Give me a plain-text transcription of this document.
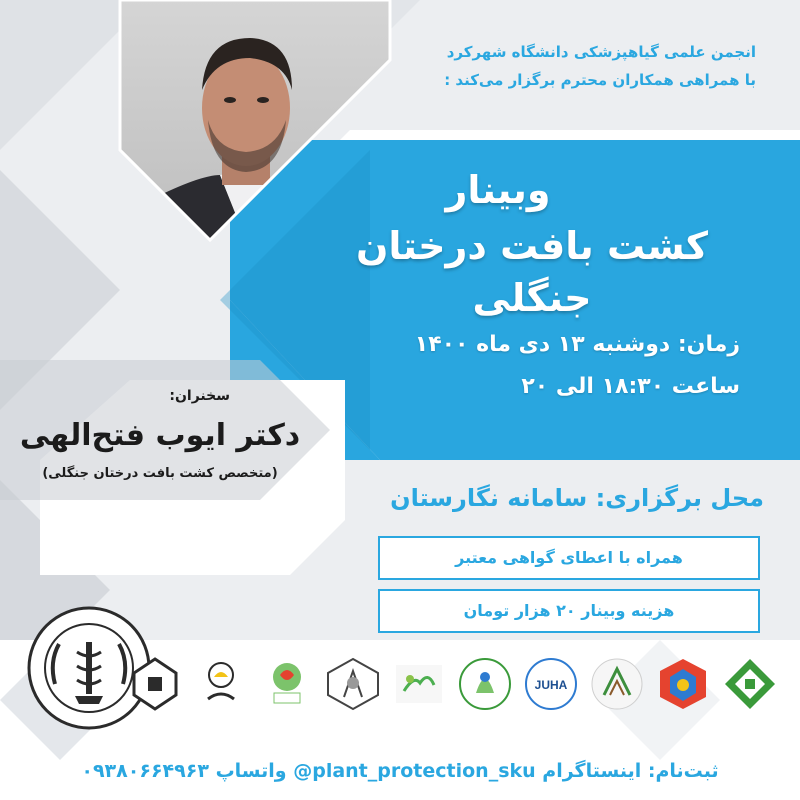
انجمن علمی گیاهپزشکی دانشگاه شهرکرد
با همراهی همکاران محترم برگزار می‌کند :
وبینار
کشت بافت درختان جنگلی
زمان: دوشنبه ۱۳ دی ماه ۱۴۰۰
ساعت ۱۸:۳۰ الی ۲۰
سخنران:
دکتر ایوب فتح‌الهی
(متخصص کشت بافت درختان جنگلی)
محل برگزاری: سامانه نگارستان
همراه با اعطای گواهی معتبر
هزینه وبینار ۲۰ هزار تومان
JUHA
۰۹۳۸۰۶۶۴۹۶۳ واتساپ @plant_protection_sku ثبت‌نام: اینستاگرام
